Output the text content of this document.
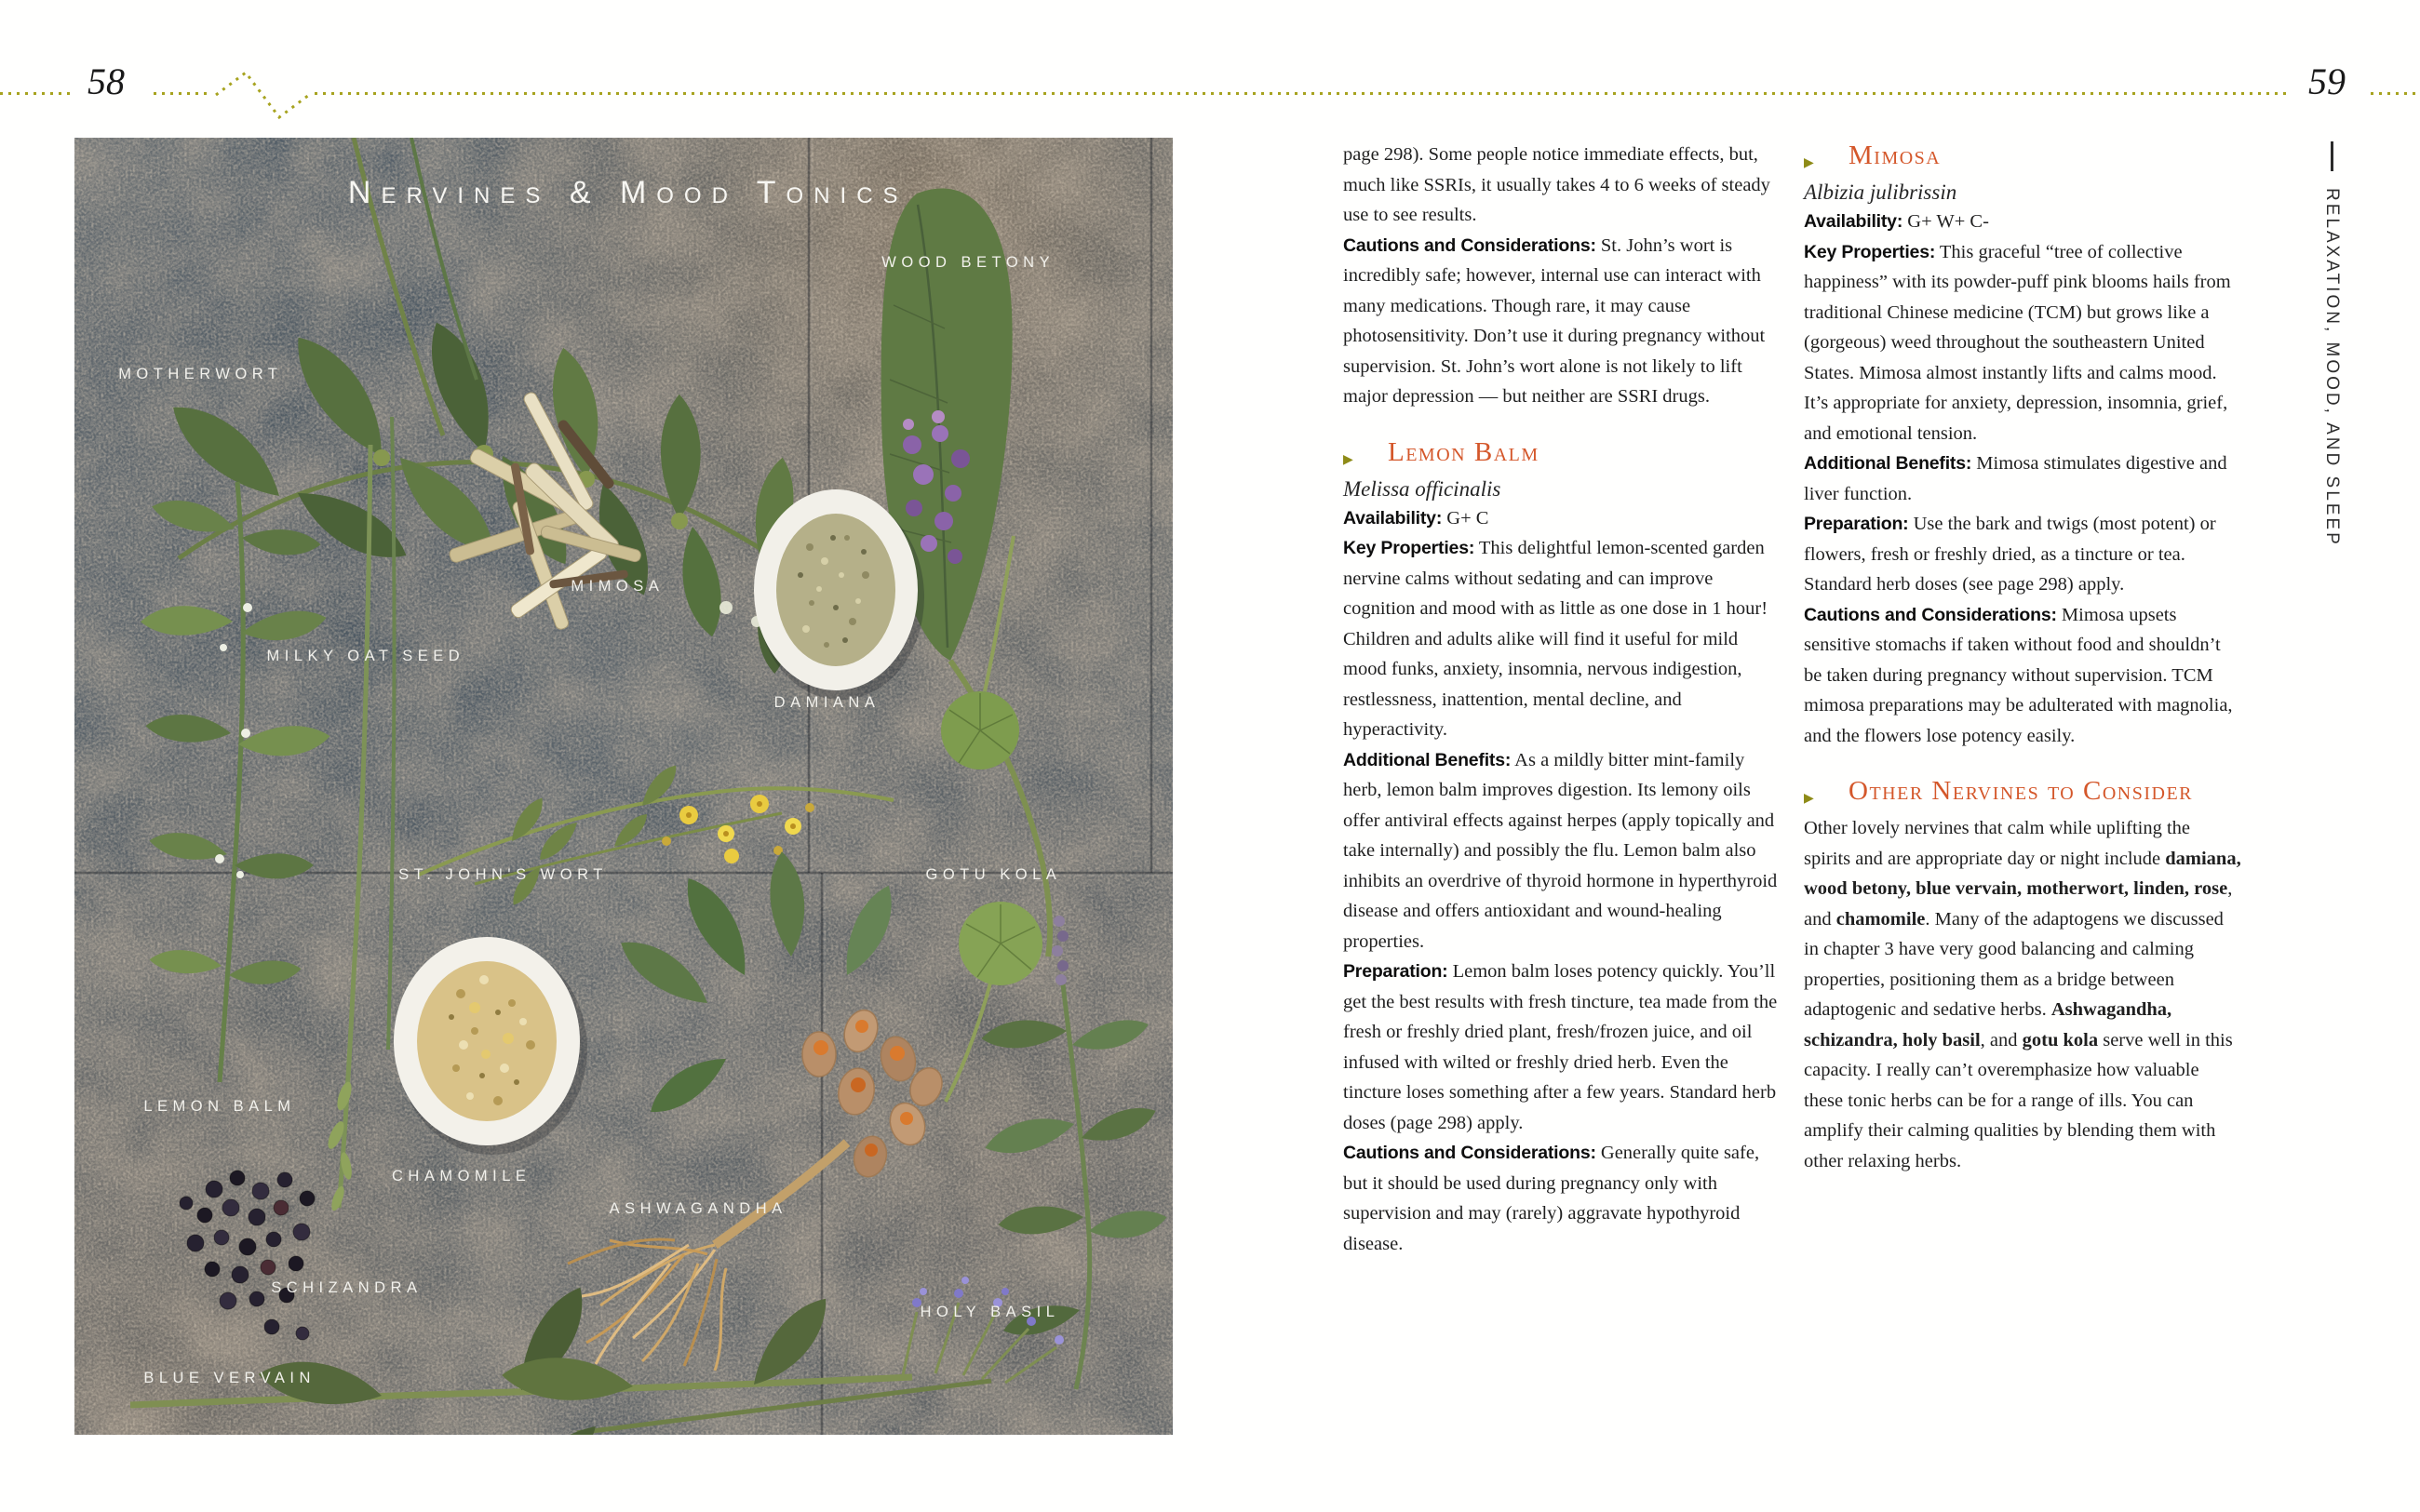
58	59
Nervines & Mood Tonics
WOOD BETONY
MOTHERWORT
MIMOSA
DAMIANA
MILKY OAT SEED
ST. JOHN'S WORT	GOTU KOLA
LEMON BALM
CHAMOMILE
ASHWAGANDHA
SCHIZANDRA
HOLY BASIL
BLUE VERVAIN

page 298). Some people notice immediate effects, but, much like SSRIs, it usually takes 4 to 6 weeks of steady use to see results.

Cautions and Considerations: St. John’s wort is incredibly safe; however, internal use can interact with many medications. Though rare, it may cause photosensitivity. Don’t use it during pregnancy without supervision. St. John’s wort alone is not likely to lift major depression — but neither are SSRI drugs.

▶ Lemon Balm
Melissa officinalis

Availability: G+ C

Key Properties: This delightful lemon-scented garden nervine calms without sedating and can improve cognition and mood with as little as one dose in 1 hour! Children and adults alike will find it useful for mild mood funks, anxiety, insomnia, nervous indigestion, restlessness, inattention, mental decline, and hyperactivity.

Additional Benefits: As a mildly bitter mint-family herb, lemon balm improves digestion. Its lemony oils offer antiviral effects against herpes (apply topically and take internally) and possibly the flu. Lemon balm also inhibits an overdrive of thyroid hormone in hyperthyroid disease and offers antioxidant and wound-healing properties.

Preparation: Lemon balm loses potency quickly. You’ll get the best results with fresh tincture, tea made from the fresh or freshly dried plant, fresh/frozen juice, and oil infused with wilted or freshly dried herb. Even the tincture loses something after a few years. Standard herb doses (page 298) apply.

Cautions and Considerations: Generally quite safe, but it should be used during pregnancy only with supervision and may (rarely) aggravate hypothyroid disease.

▶ Mimosa
Albizia julibrissin

Availability: G+ W+ C-

Key Properties: This graceful “tree of collective happiness” with its powder-puff pink blooms hails from traditional Chinese medicine (TCM) but grows like a (gorgeous) weed throughout the southeastern United States. Mimosa almost instantly lifts and calms mood. It’s appropriate for anxiety, depression, insomnia, grief, and emotional tension.

Additional Benefits: Mimosa stimulates digestive and liver function.

Preparation: Use the bark and twigs (most potent) or flowers, fresh or freshly dried, as a tincture or tea. Standard herb doses (see page 298) apply.

Cautions and Considerations: Mimosa upsets sensitive stomachs if taken without food and shouldn’t be taken during pregnancy without supervision. TCM mimosa preparations may be adulterated with magnolia, and the flowers lose potency easily.

▶ Other Nervines to Consider

Other lovely nervines that calm while uplifting the spirits and are appropriate day or night include damiana, wood betony, blue vervain, motherwort, linden, rose, and chamomile. Many of the adaptogens we discussed in chapter 3 have very good balancing and calming properties, positioning them as a bridge between adaptogenic and sedative herbs. Ashwagandha, schizandra, holy basil, and gotu kola serve well in this capacity. I really can’t overemphasize how valuable these tonic herbs can be for a range of ills. You can amplify their calming qualities by blending them with other relaxing herbs.

RELAXATION, MOOD, AND SLEEP
